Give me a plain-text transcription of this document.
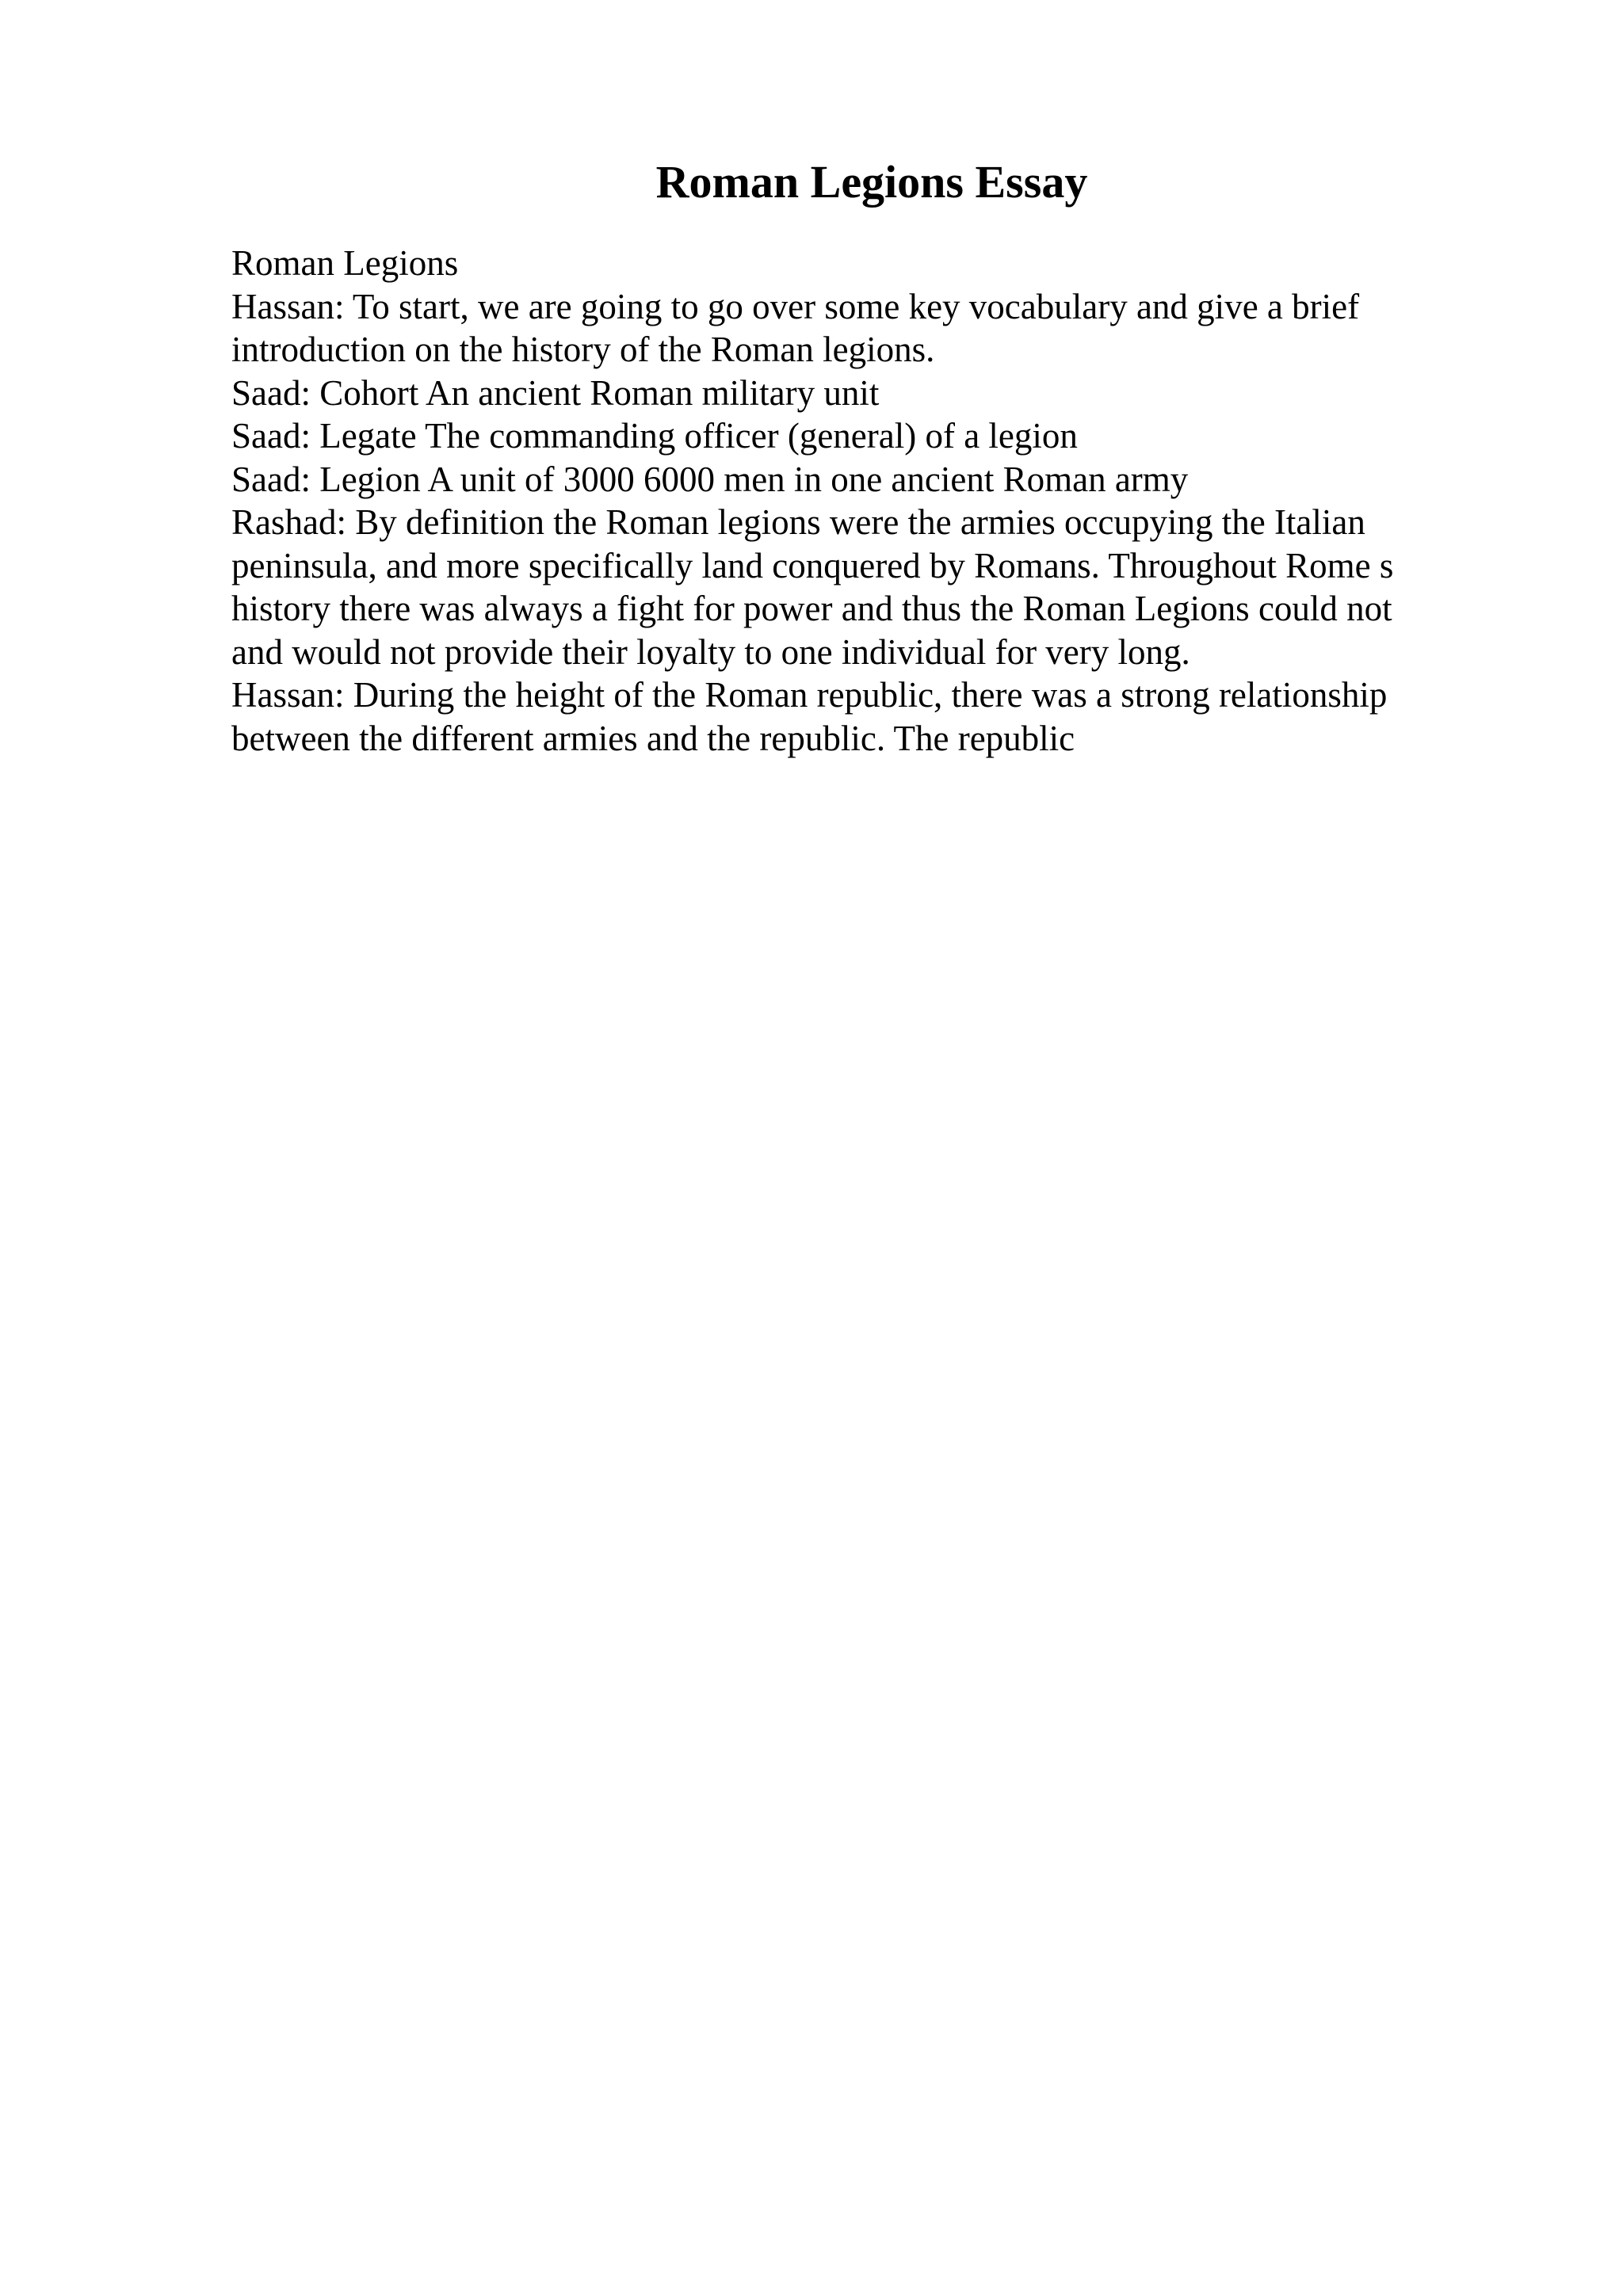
Roman Legions Essay
Roman Legions
Hassan: To start, we are going to go over some key vocabulary and give a brief
introduction on the history of the Roman legions.
Saad: Cohort An ancient Roman military unit
Saad: Legate The commanding officer (general) of a legion
Saad: Legion A unit of 3000 6000 men in one ancient Roman army
Rashad: By definition the Roman legions were the armies occupying the Italian
peninsula, and more specifically land conquered by Romans. Throughout Rome s
history there was always a fight for power and thus the Roman Legions could not
and would not provide their loyalty to one individual for very long.
Hassan: During the height of the Roman republic, there was a strong relationship
between the different armies and the republic. The republic
